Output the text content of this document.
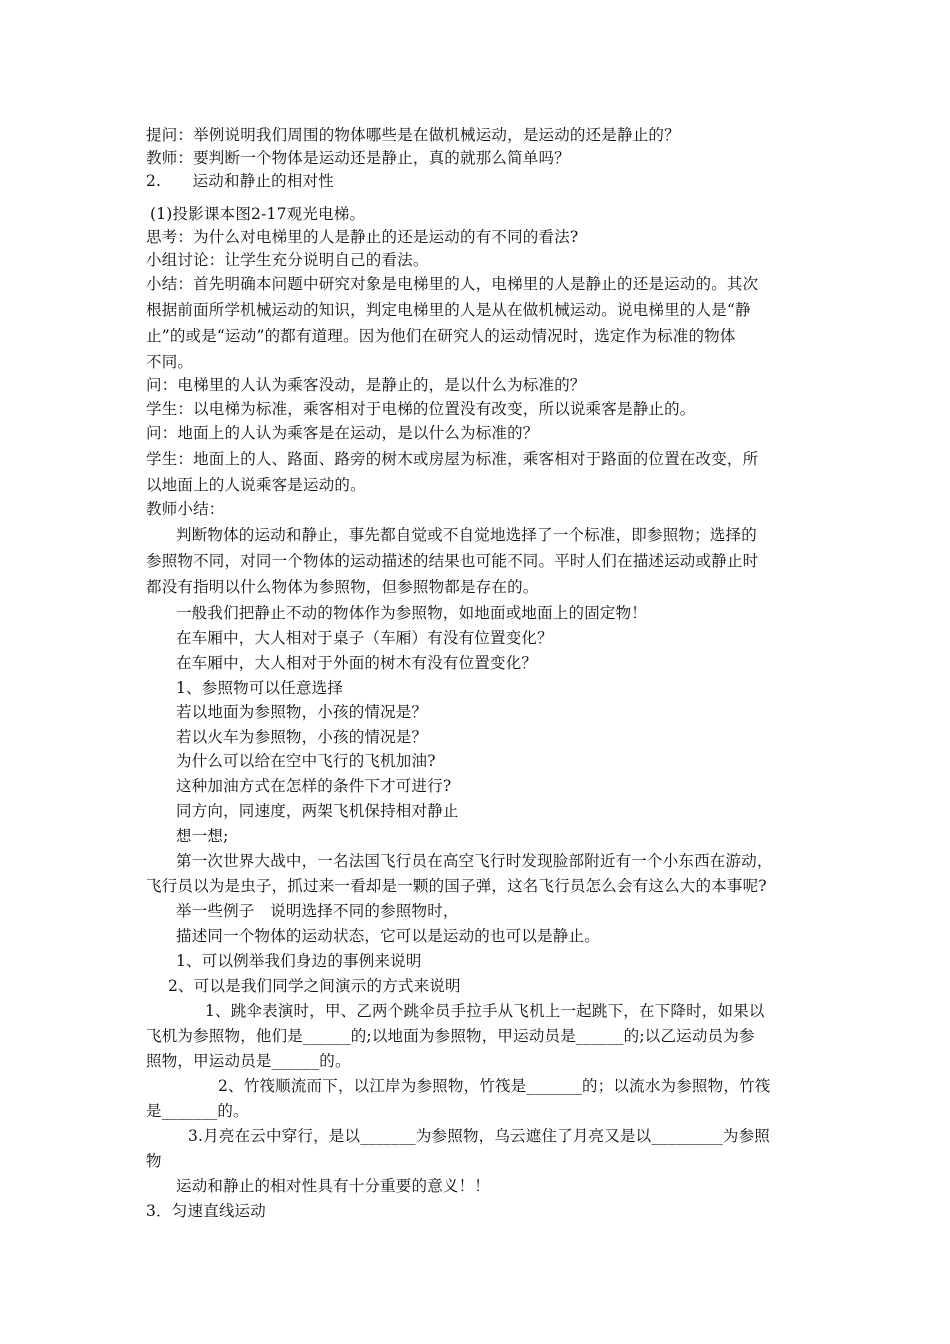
提问：举例说明我们周围的物体哪些是在做机械运动，是运动的还是静止的？
教师：要判断一个物体是运动还是静止，真的就那么简单吗？
2.　　运动和静止的相对性
(1)投影课本图2-17观光电梯。
思考：为什么对电梯里的人是静止的还是运动的有不同的看法?
小组讨论：让学生充分说明自己的看法。
小结：首先明确本问题中研究对象是电梯里的人，电梯里的人是静止的还是运动的。其次
根据前面所学机械运动的知识，判定电梯里的人是从在做机械运动。说电梯里的人是“静
止”的或是“运动”的都有道理。因为他们在研究人的运动情况时，选定作为标准的物体
不同。
问：电梯里的人认为乘客没动，是静止的，是以什么为标准的？
学生：以电梯为标准，乘客相对于电梯的位置没有改变，所以说乘客是静止的。
问：地面上的人认为乘客是在运动，是以什么为标准的？
学生：地面上的人、路面、路旁的树木或房屋为标准，乘客相对于路面的位置在改变，所
以地面上的人说乘客是运动的。
教师小结：
判断物体的运动和静止，事先都自觉或不自觉地选择了一个标准，即参照物；选择的
参照物不同，对同一个物体的运动描述的结果也可能不同。平时人们在描述运动或静止时
都没有指明以什么物体为参照物，但参照物都是存在的。
一般我们把静止不动的物体作为参照物，如地面或地面上的固定物！
在车厢中，大人相对于桌子（车厢）有没有位置变化？
在车厢中，大人相对于外面的树木有没有位置变化？
1、参照物可以任意选择
若以地面为参照物，小孩的情况是？
若以火车为参照物，小孩的情况是？
为什么可以给在空中飞行的飞机加油?
这种加油方式在怎样的条件下才可进行?
同方向，同速度，两架飞机保持相对静止
想一想;
第一次世界大战中，一名法国飞行员在高空飞行时发现脸部附近有一个小东西在游动，
飞行员以为是虫子，抓过来一看却是一颗的国子弹，这名飞行员怎么会有这么大的本事呢?
举一些例子　说明选择不同的参照物时，
描述同一个物体的运动状态，它可以是运动的也可以是静止。
1、可以例举我们身边的事例来说明
2、可以是我们同学之间演示的方式来说明
1、跳伞表演时，甲、乙两个跳伞员手拉手从飞机上一起跳下，在下降时，如果以
飞机为参照物，他们是______的;以地面为参照物，甲运动员是______的;以乙运动员为参
照物，甲运动员是______的。
2、竹筏顺流而下，以江岸为参照物，竹筏是_______的；以流水为参照物，竹筏
是_______的。
3.月亮在云中穿行，是以_______为参照物，乌云遮住了月亮又是以_________为参照
物
运动和静止的相对性具有十分重要的意义！！
3．匀速直线运动
